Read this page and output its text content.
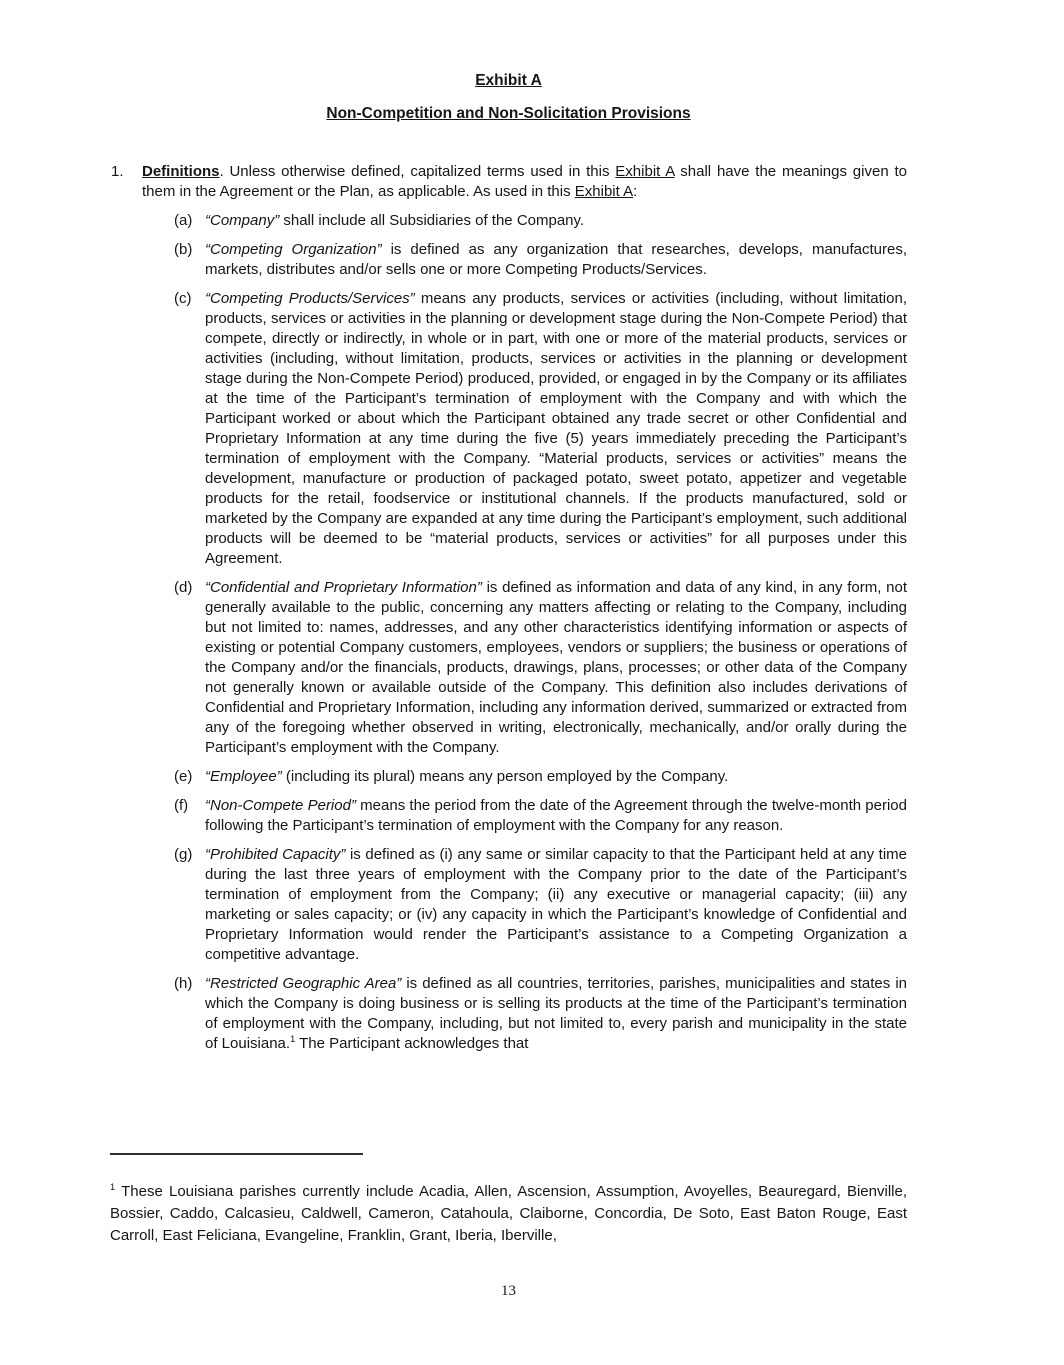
Exhibit A
Non-Competition and Non-Solicitation Provisions
1. Definitions. Unless otherwise defined, capitalized terms used in this Exhibit A shall have the meanings given to them in the Agreement or the Plan, as applicable. As used in this Exhibit A:
(a) “Company” shall include all Subsidiaries of the Company.
(b) “Competing Organization” is defined as any organization that researches, develops, manufactures, markets, distributes and/or sells one or more Competing Products/Services.
(c) “Competing Products/Services” means any products, services or activities (including, without limitation, products, services or activities in the planning or development stage during the Non-Compete Period) that compete, directly or indirectly, in whole or in part, with one or more of the material products, services or activities (including, without limitation, products, services or activities in the planning or development stage during the Non-Compete Period) produced, provided, or engaged in by the Company or its affiliates at the time of the Participant’s termination of employment with the Company and with which the Participant worked or about which the Participant obtained any trade secret or other Confidential and Proprietary Information at any time during the five (5) years immediately preceding the Participant’s termination of employment with the Company. “Material products, services or activities” means the development, manufacture or production of packaged potato, sweet potato, appetizer and vegetable products for the retail, foodservice or institutional channels. If the products manufactured, sold or marketed by the Company are expanded at any time during the Participant’s employment, such additional products will be deemed to be “material products, services or activities” for all purposes under this Agreement.
(d) “Confidential and Proprietary Information” is defined as information and data of any kind, in any form, not generally available to the public, concerning any matters affecting or relating to the Company, including but not limited to: names, addresses, and any other characteristics identifying information or aspects of existing or potential Company customers, employees, vendors or suppliers; the business or operations of the Company and/or the financials, products, drawings, plans, processes; or other data of the Company not generally known or available outside of the Company. This definition also includes derivations of Confidential and Proprietary Information, including any information derived, summarized or extracted from any of the foregoing whether observed in writing, electronically, mechanically, and/or orally during the Participant’s employment with the Company.
(e) “Employee” (including its plural) means any person employed by the Company.
(f) “Non-Compete Period” means the period from the date of the Agreement through the twelve-month period following the Participant’s termination of employment with the Company for any reason.
(g) “Prohibited Capacity” is defined as (i) any same or similar capacity to that the Participant held at any time during the last three years of employment with the Company prior to the date of the Participant’s termination of employment from the Company; (ii) any executive or managerial capacity; (iii) any marketing or sales capacity; or (iv) any capacity in which the Participant’s knowledge of Confidential and Proprietary Information would render the Participant’s assistance to a Competing Organization a competitive advantage.
(h) “Restricted Geographic Area” is defined as all countries, territories, parishes, municipalities and states in which the Company is doing business or is selling its products at the time of the Participant’s termination of employment with the Company, including, but not limited to, every parish and municipality in the state of Louisiana.$^1$ The Participant acknowledges that
$^1$ These Louisiana parishes currently include Acadia, Allen, Ascension, Assumption, Avoyelles, Beauregard, Bienville, Bossier, Caddo, Calcasieu, Caldwell, Cameron, Catahoula, Claiborne, Concordia, De Soto, East Baton Rouge, East Carroll, East Feliciana, Evangeline, Franklin, Grant, Iberia, Iberville,
13
